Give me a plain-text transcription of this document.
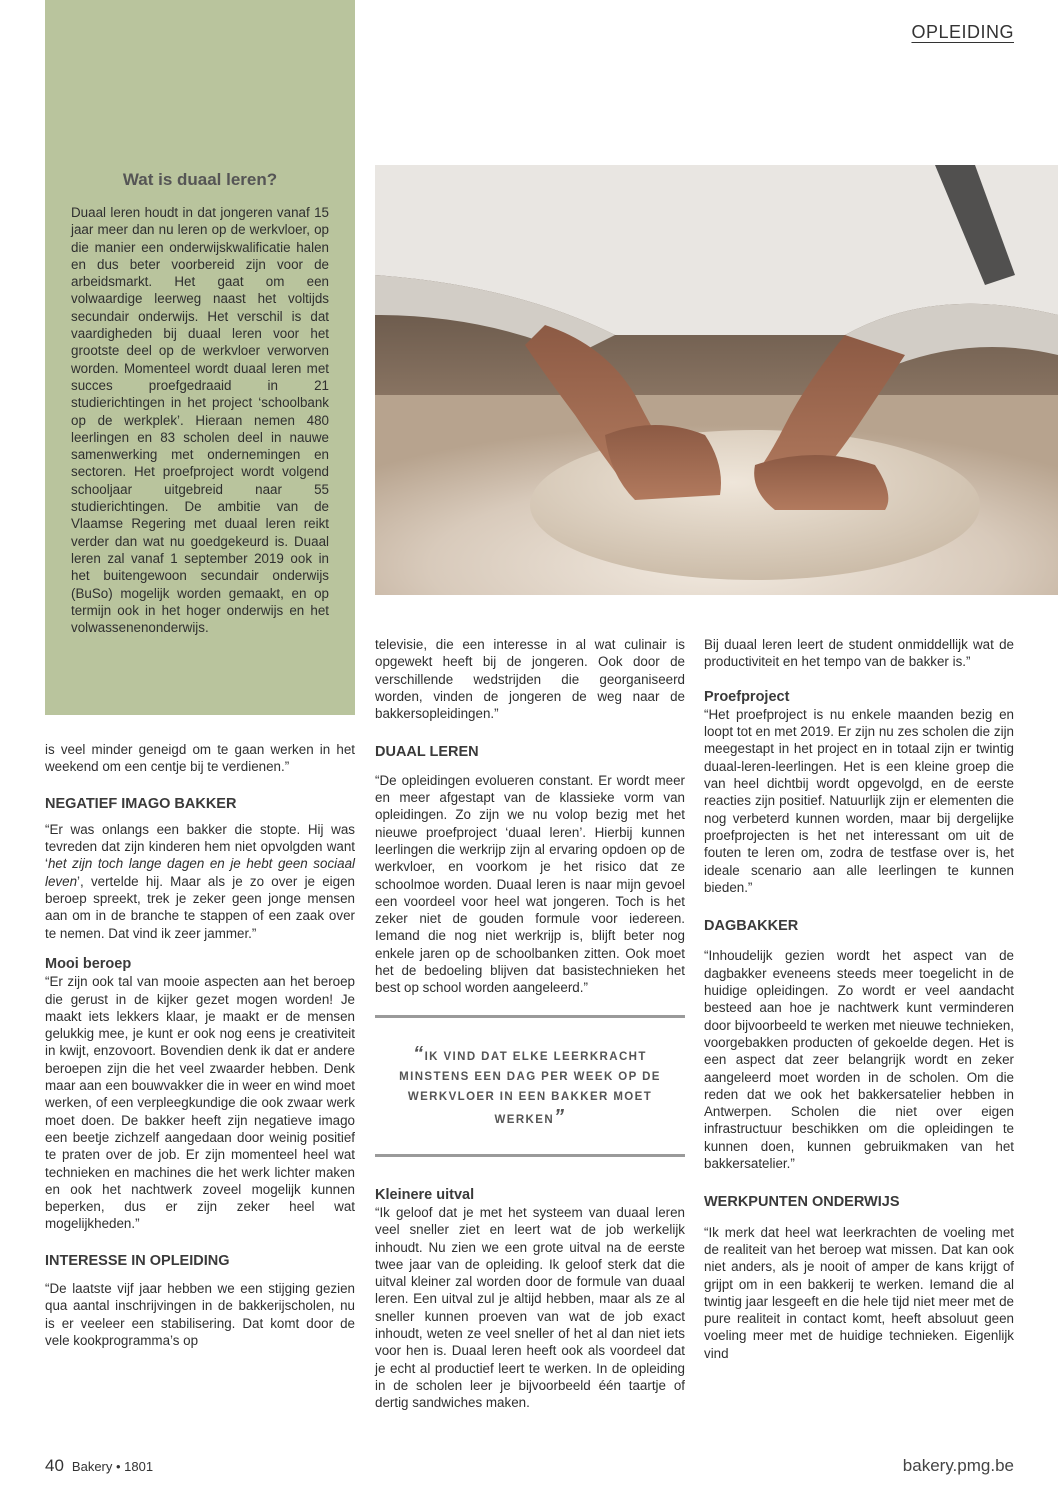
OPLEIDING
Wat is duaal leren?

Duaal leren houdt in dat jongeren vanaf 15 jaar meer dan nu leren op de werkvloer, op die manier een onderwijskwalificatie halen en dus beter voorbereid zijn voor de arbeidsmarkt. Het gaat om een volwaardige leerweg naast het voltijds secundair onderwijs. Het verschil is dat vaardigheden bij duaal leren voor het grootste deel op de werkvloer verworven worden. Momenteel wordt duaal leren met succes proefgedraaid in 21 studierichtingen in het project ‘schoolbank op de werkplek’. Hieraan nemen 480 leerlingen en 83 scholen deel in nauwe samenwerking met ondernemingen en sectoren. Het proefproject wordt volgend schooljaar uitgebreid naar 55 studierichtingen. De ambitie van de Vlaamse Regering met duaal leren reikt verder dan wat nu goedgekeurd is. Duaal leren zal vanaf 1 september 2019 ook in het buitengewoon secundair onderwijs (BuSo) mogelijk worden gemaakt, en op termijn ook in het hoger onderwijs en het volwassenenonderwijs.

is veel minder geneigd om te gaan werken in het weekend om een centje bij te verdienen.”

NEGATIEF IMAGO BAKKER

“Er was onlangs een bakker die stopte. Hij was tevreden dat zijn kinderen hem niet opvolgden want ‘het zijn toch lange dagen en je hebt geen sociaal leven’, vertelde hij. Maar als je zo over je eigen beroep spreekt, trek je zeker geen jonge mensen aan om in de branche te stappen of een zaak over te nemen. Dat vind ik zeer jammer.”

Mooi beroep

“Er zijn ook tal van mooie aspecten aan het beroep die gerust in de kijker gezet mogen worden! Je maakt iets lekkers klaar, je maakt er de mensen gelukkig mee, je kunt er ook nog eens je creativiteit in kwijt, enzovoort. Bovendien denk ik dat er andere beroepen zijn die het veel zwaarder hebben. Denk maar aan een bouwvakker die in weer en wind moet werken, of een verpleegkundige die ook zwaar werk moet doen. De bakker heeft zijn negatieve imago een beetje zichzelf aangedaan door weinig positief te praten over de job. Er zijn momenteel heel wat technieken en machines die het werk lichter maken en ook het nachtwerk zoveel mogelijk kunnen beperken, dus er zijn zeker heel wat mogelijkheden.”

INTERESSE IN OPLEIDING

“De laatste vijf jaar hebben we een stijging gezien qua aantal inschrijvingen in de bakkerijscholen, nu is er veeleer een stabilisering. Dat komt door de vele kookprogramma’s op

televisie, die een interesse in al wat culinair is opgewekt heeft bij de jongeren. Ook door de verschillende wedstrijden die georganiseerd worden, vinden de jongeren de weg naar de bakkersopleidingen.”

DUAAL LEREN

“De opleidingen evolueren constant. Er wordt meer en meer afgestapt van de klassieke vorm van opleidingen. Zo zijn we nu volop bezig met het nieuwe proefproject ‘duaal leren’. Hierbij kunnen leerlingen die werkrijp zijn al ervaring opdoen op de werkvloer, en voorkom je het risico dat ze schoolmoe worden. Duaal leren is naar mijn gevoel een voordeel voor heel wat jongeren. Toch is het zeker niet de gouden formule voor iedereen. Iemand die nog niet werkrijp is, blijft beter nog enkele jaren op de schoolbanken zitten. Ook moet het de bedoeling blijven dat basistechnieken het best op school worden aangeleerd.”

“IK VIND DAT ELKE LEERKRACHT MINSTENS EEN DAG PER WEEK OP DE WERKVLOER IN EEN BAKKER MOET WERKEN”
Kleinere uitval

“Ik geloof dat je met het systeem van duaal leren veel sneller ziet en leert wat de job werkelijk inhoudt. Nu zien we een grote uitval na de eerste twee jaar van de opleiding. Ik geloof sterk dat die uitval kleiner zal worden door de formule van duaal leren. Een uitval zul je altijd hebben, maar als ze al sneller kunnen proeven van wat de job exact inhoudt, weten ze veel sneller of het al dan niet iets voor hen is. Duaal leren heeft ook als voordeel dat je echt al productief leert te werken. In de opleiding in de scholen leer je bijvoorbeeld één taartje of dertig sandwiches maken.

Bij duaal leren leert de student onmiddellijk wat de productiviteit en het tempo van de bakker is.”

Proefproject

“Het proefproject is nu enkele maanden bezig en loopt tot en met 2019. Er zijn nu zes scholen die zijn meegestapt in het project en in totaal zijn er twintig duaal-leren-leerlingen. Het is een kleine groep die van heel dichtbij wordt opgevolgd, en de eerste reacties zijn positief. Natuurlijk zijn er elementen die nog verbeterd kunnen worden, maar bij dergelijke proefprojecten is het net interessant om uit de fouten te leren om, zodra de testfase over is, het ideale scenario aan alle leerlingen te kunnen bieden.”

DAGBAKKER

“Inhoudelijk gezien wordt het aspect van de dagbakker eveneens steeds meer toegelicht in de huidige opleidingen. Zo wordt er veel aandacht besteed aan hoe je nachtwerk kunt verminderen door bijvoorbeeld te werken met nieuwe technieken, voorgebakken producten of gekoelde degen. Het is een aspect dat zeer belangrijk wordt en zeker aangeleerd moet worden in de scholen. Om die reden dat we ook het bakkersatelier hebben in Antwerpen. Scholen die niet over eigen infrastructuur beschikken om die opleidingen te kunnen doen, kunnen gebruikmaken van het bakkersatelier.”

WERKPUNTEN ONDERWIJS

“Ik merk dat heel wat leerkrachten de voeling met de realiteit van het beroep wat missen. Dat kan ook niet anders, als je nooit of amper de kans krijgt of grijpt om in een bakkerij te werken. Iemand die al twintig jaar lesgeeft en die hele tijd niet meer met de pure realiteit in contact komt, heeft absoluut geen voeling meer met de huidige technieken. Eigenlijk vind

40 Bakery • 1801	bakery.pmg.be
